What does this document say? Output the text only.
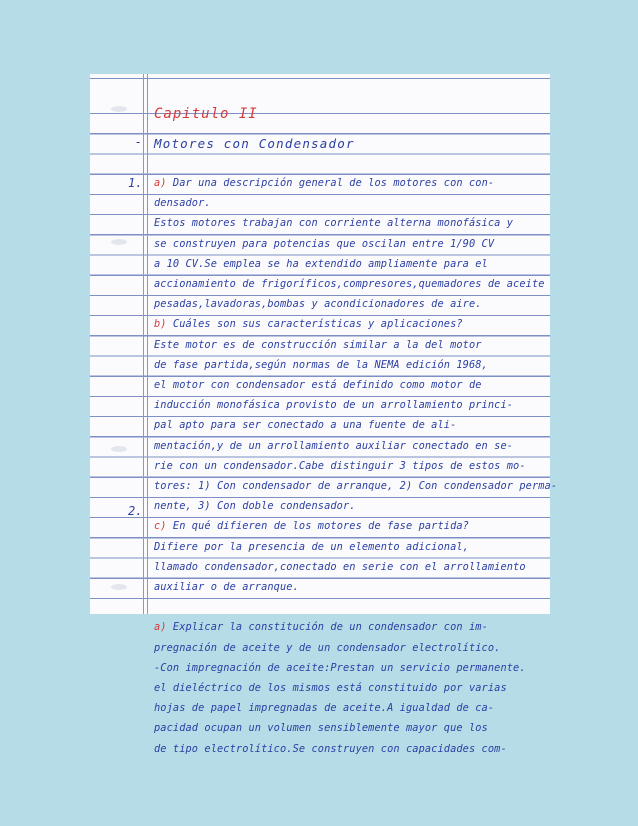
Capitulo II
- Motores con Condensador
1.
2.
a) Dar una descripción general de los motores con con-
densador.
Estos motores trabajan con corriente alterna monofásica y
se construyen para potencias que oscilan entre 1/90 CV
a 10 CV.Se emplea se ha extendido ampliamente para el
accionamiento de frigoríficos,compresores,quemadores de aceite
pesadas,lavadoras,bombas y acondicionadores de aire.
b) Cuáles son sus características y aplicaciones?
Este motor es de construcción similar a la del motor
de fase partida,según normas de la NEMA edición 1968,
el motor con condensador está definido como motor de
inducción monofásica provisto de un arrollamiento princi-
pal apto para ser conectado a una fuente de ali-
mentación,y de un arrollamiento auxiliar conectado en se-
rie con un condensador.Cabe distinguir 3 tipos de estos mo-
tores: 1) Con condensador de arranque, 2) Con condensador perma-
nente, 3) Con doble condensador.
c) En qué difieren de los motores de fase partida?
Difiere por la presencia de un elemento adicional,
llamado condensador,conectado en serie con el arrollamiento
auxiliar o de arranque.
a) Explicar la constitución de un condensador con im-
pregnación de aceite y de un condensador electrolítico.
-Con impregnación de aceite:Prestan un servicio permanente.
el dieléctrico de los mismos está constituido por varias
hojas de papel impregnadas de aceite.A igualdad de ca-
pacidad ocupan un volumen sensiblemente mayor que los
de tipo electrolítico.Se construyen con capacidades com-
